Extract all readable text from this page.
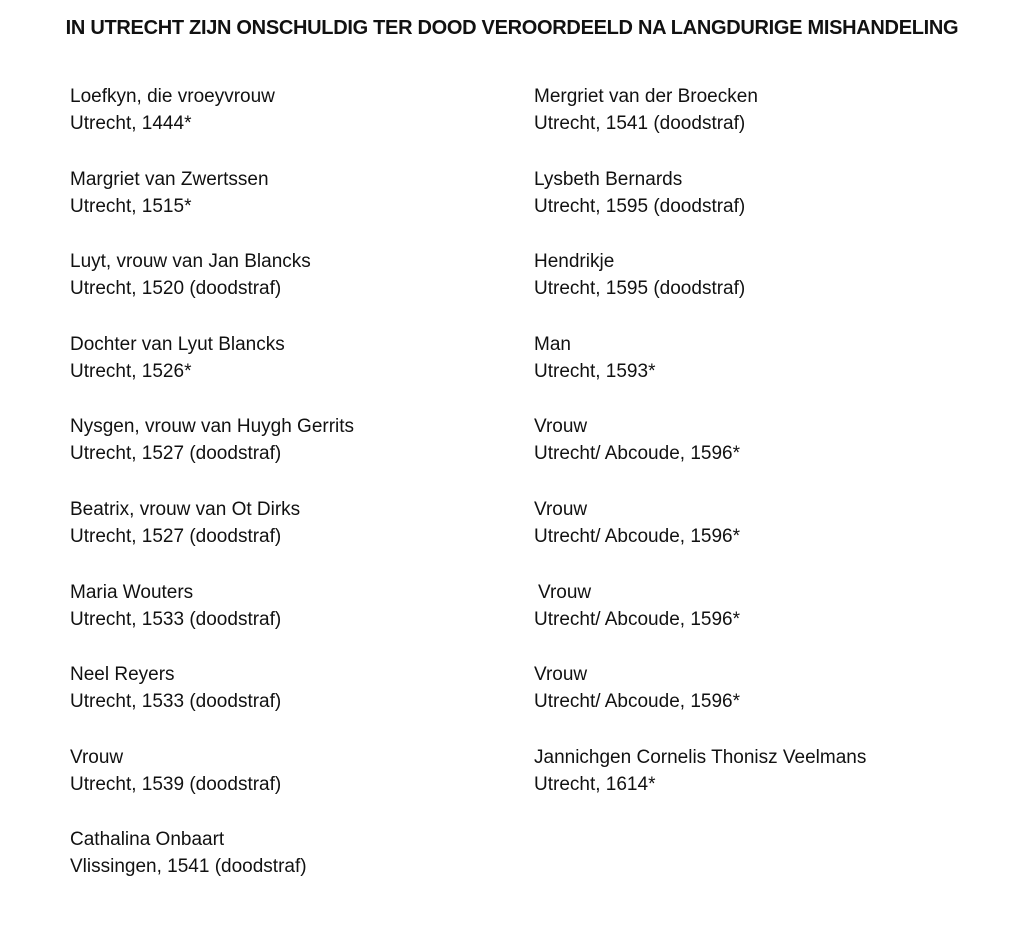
IN UTRECHT ZIJN ONSCHULDIG TER DOOD VEROORDEELD NA LANGDURIGE MISHANDELING
Loefkyn, die vroeyvrouw
Utrecht, 1444*
Margriet van Zwertssen
Utrecht, 1515*
Luyt, vrouw van Jan Blancks
Utrecht, 1520 (doodstraf)
Dochter van Lyut Blancks
Utrecht, 1526*
Nysgen, vrouw van Huygh Gerrits
Utrecht, 1527 (doodstraf)
Beatrix, vrouw van Ot Dirks
Utrecht, 1527 (doodstraf)
Maria Wouters
Utrecht, 1533 (doodstraf)
Neel Reyers
Utrecht, 1533 (doodstraf)
Vrouw
Utrecht, 1539 (doodstraf)
Cathalina Onbaart
Vlissingen, 1541 (doodstraf)
Mergriet van der Broecken
Utrecht, 1541 (doodstraf)
Lysbeth Bernards
Utrecht, 1595 (doodstraf)
Hendrikje
Utrecht, 1595 (doodstraf)
Man
Utrecht, 1593*
Vrouw
Utrecht/ Abcoude, 1596*
Vrouw
Utrecht/ Abcoude, 1596*
Vrouw
Utrecht/ Abcoude, 1596*
Vrouw
Utrecht/ Abcoude, 1596*
Jannichgen Cornelis Thonisz Veelmans
Utrecht, 1614*
